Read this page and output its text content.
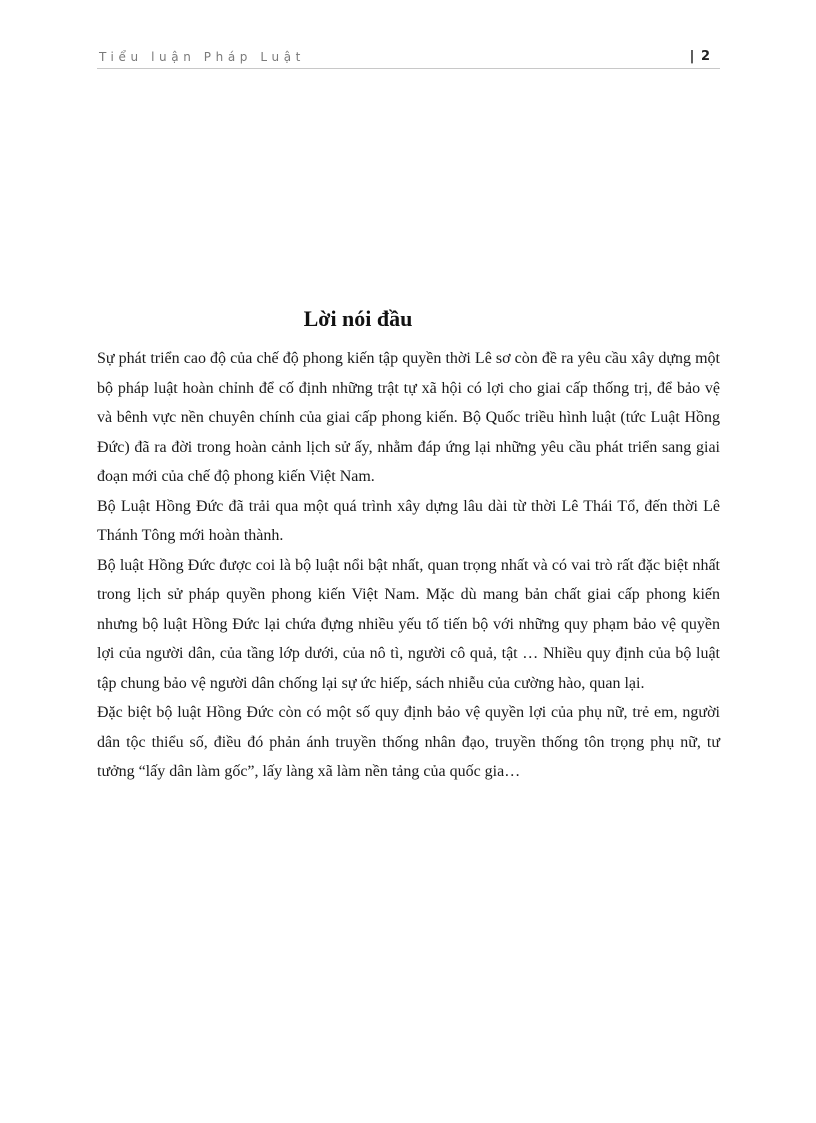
Tiểu luận Pháp Luật	| 2
Lời nói đầu

Sự phát triển cao độ của chế độ phong kiến tập quyền thời Lê sơ còn đề ra yêu cầu xây dựng một bộ pháp luật hoàn chỉnh để cố định những trật tự xã hội có lợi cho giai cấp thống trị, để bảo vệ và bênh vực nền chuyên chính của giai cấp phong kiến. Bộ Quốc triều hình luật (tức Luật Hồng Đức) đã ra đời trong hoàn cảnh lịch sử ấy, nhằm đáp ứng lại những yêu cầu phát triển sang giai đoạn mới của chế độ phong kiến Việt Nam.

Bộ Luật Hồng Đức đã trải qua một quá trình xây dựng lâu dài từ thời Lê Thái Tổ, đến thời Lê Thánh Tông mới hoàn thành.

Bộ luật Hồng Đức được coi là bộ luật nổi bật nhất, quan trọng nhất và có vai trò rất đặc biệt nhất trong lịch sử pháp quyền phong kiến Việt Nam. Mặc dù mang bản chất giai cấp phong kiến nhưng bộ luật Hồng Đức lại chứa đựng nhiều yếu tố tiến bộ với những quy phạm bảo vệ quyền lợi của người dân, của tầng lớp dưới, của nô tì, người cô quả, tật … Nhiều quy định của bộ luật tập chung bảo vệ người dân chống lại sự ức hiếp, sách nhiễu của cường hào, quan lại.

Đặc biệt bộ luật Hồng Đức còn có một số quy định bảo vệ quyền lợi của phụ nữ, trẻ em, người dân tộc thiểu số, điều đó phản ánh truyền thống nhân đạo, truyền thống tôn trọng phụ nữ, tư tưởng “lấy dân làm gốc”, lấy làng xã làm nền tảng của quốc gia…
